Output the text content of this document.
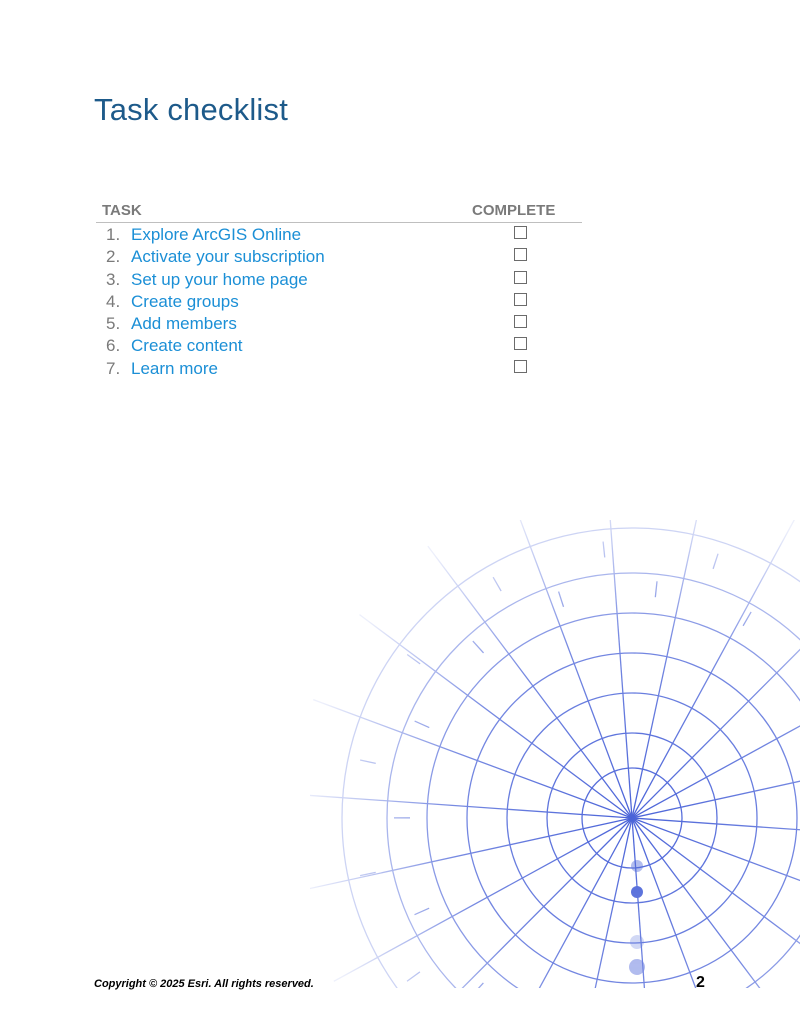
Task checklist
TASK	COMPLETE
1. Explore ArcGIS Online
2. Activate your subscription
3. Set up your home page
4. Create groups
5. Add members
6. Create content
7. Learn more
Copyright © 2025 Esri. All rights reserved.	2
